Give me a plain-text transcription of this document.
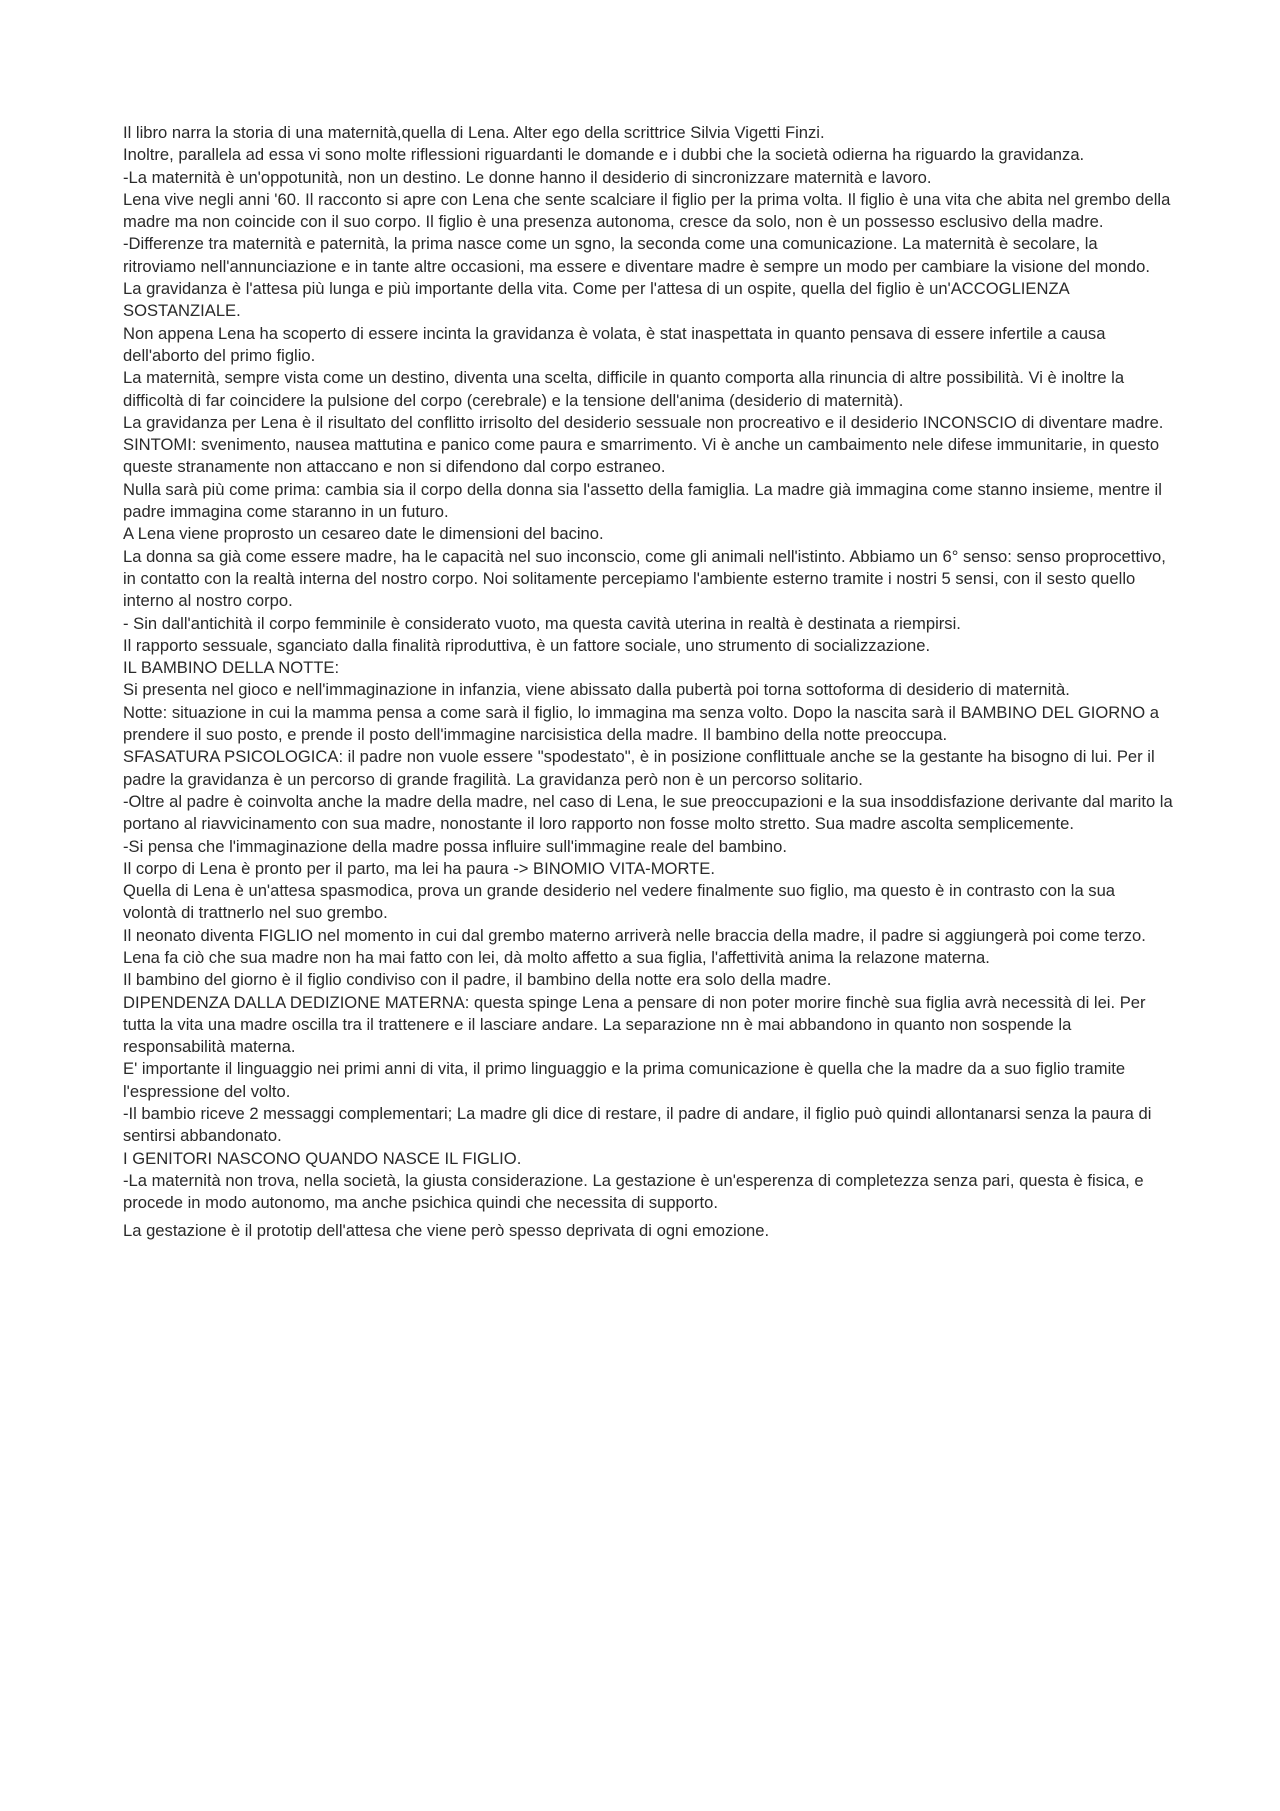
Il libro narra la storia di una maternità,quella di Lena. Alter ego della scrittrice Silvia Vigetti Finzi.

Inoltre, parallela ad essa vi sono molte riflessioni riguardanti le domande e i dubbi che la società odierna ha riguardo la gravidanza.

-La maternità è un'oppotunità, non un destino. Le donne hanno il desiderio di sincronizzare maternità e lavoro.

Lena vive negli anni '60. Il racconto si apre con Lena che sente scalciare il figlio per la prima volta. Il figlio è una vita che abita nel grembo della madre ma non coincide con il suo corpo. Il figlio è una presenza autonoma, cresce da solo, non è un possesso esclusivo della madre.

-Differenze tra maternità e paternità, la prima nasce come un sgno, la seconda come una comunicazione. La maternità è secolare, la ritroviamo nell'annunciazione e in tante altre occasioni, ma essere e diventare madre è sempre un modo per cambiare la visione del mondo.

La gravidanza è l'attesa più lunga e più importante della vita. Come per l'attesa di un ospite, quella del figlio è un'ACCOGLIENZA SOSTANZIALE.

Non appena Lena ha scoperto di essere incinta la gravidanza è volata, è stat inaspettata in quanto pensava di essere infertile a causa dell'aborto del primo figlio.

La maternità, sempre vista come un destino, diventa una scelta, difficile in quanto comporta alla rinuncia di altre possibilità. Vi è inoltre la difficoltà di far coincidere la pulsione del corpo (cerebrale) e la tensione dell'anima (desiderio di maternità).

La gravidanza per Lena è il risultato del conflitto irrisolto del desiderio sessuale non procreativo e il desiderio INCONSCIO di diventare madre.

SINTOMI: svenimento, nausea mattutina e panico come paura e smarrimento. Vi è anche un cambaimento nele difese immunitarie, in questo queste stranamente non attaccano e non si difendono dal corpo estraneo.

Nulla sarà più come prima: cambia sia il corpo della donna sia l'assetto della famiglia. La madre già immagina come stanno insieme, mentre il padre immagina come staranno in un futuro.

A Lena viene proprosto un cesareo date le dimensioni del bacino.

La donna sa già come essere madre, ha le capacità nel suo inconscio, come gli animali nell'istinto. Abbiamo un 6° senso: senso proprocettivo, in contatto con la realtà interna del nostro corpo. Noi solitamente percepiamo l'ambiente esterno tramite i nostri 5 sensi, con il sesto quello interno al nostro corpo.

- Sin dall'antichità il corpo femminile è considerato vuoto, ma questa cavità uterina in realtà è destinata a riempirsi.

Il rapporto sessuale, sganciato dalla finalità riproduttiva, è un fattore sociale, uno strumento di socializzazione.

IL BAMBINO DELLA NOTTE:

Si presenta nel gioco e nell'immaginazione in infanzia, viene abissato dalla pubertà poi torna sottoforma di desiderio di maternità.

Notte: situazione in cui la mamma pensa a come sarà il figlio, lo immagina ma senza volto. Dopo la nascita sarà il BAMBINO DEL GIORNO a prendere il suo posto, e prende il posto dell'immagine narcisistica della madre. Il bambino della notte preoccupa.

SFASATURA PSICOLOGICA: il padre non vuole essere "spodestato", è in posizione conflittuale anche se la gestante ha bisogno di lui. Per il padre la gravidanza è un percorso di grande fragilità. La gravidanza però non è un percorso solitario.

-Oltre al padre è coinvolta anche la madre della madre, nel caso di Lena, le sue preoccupazioni e la sua insoddisfazione derivante dal marito la portano al riavvicinamento con sua madre, nonostante il loro rapporto non fosse molto stretto. Sua madre ascolta semplicemente.

-Si pensa che l'immaginazione della madre possa influire sull'immagine reale del bambino.

Il corpo di Lena è pronto per il parto, ma lei ha paura -> BINOMIO VITA-MORTE.

Quella di Lena è un'attesa spasmodica, prova un grande desiderio nel vedere finalmente suo figlio, ma questo è in contrasto con la sua volontà di trattnerlo nel suo grembo.

Il neonato diventa FIGLIO nel momento in cui dal grembo materno arriverà nelle braccia della madre, il padre si aggiungerà poi come terzo.

Lena fa ciò che sua madre non ha mai fatto con lei, dà molto affetto a sua figlia, l'affettività anima la relazone materna.

Il bambino del giorno è il figlio condiviso con il padre, il bambino della notte era solo della madre.

DIPENDENZA DALLA DEDIZIONE MATERNA: questa spinge Lena a pensare di non poter morire finchè sua figlia avrà necessità di lei. Per tutta la vita una madre oscilla tra il trattenere e il lasciare andare. La separazione nn è mai abbandono in quanto non sospende la responsabilità materna.

E' importante il linguaggio nei primi anni di vita, il primo linguaggio e la prima comunicazione è quella che la madre da a suo figlio tramite l'espressione del volto.

-Il bambio riceve 2 messaggi complementari; La madre gli dice di restare, il padre di andare, il figlio può quindi allontanarsi senza la paura di sentirsi abbandonato.

I GENITORI NASCONO QUANDO NASCE IL FIGLIO.

-La maternità non trova, nella società, la giusta considerazione. La gestazione è un'esperenza di completezza senza pari, questa è fisica, e procede in modo autonomo, ma anche psichica quindi che necessita di supporto.

La gestazione è il prototip dell'attesa che viene però spesso deprivata di ogni emozione.
